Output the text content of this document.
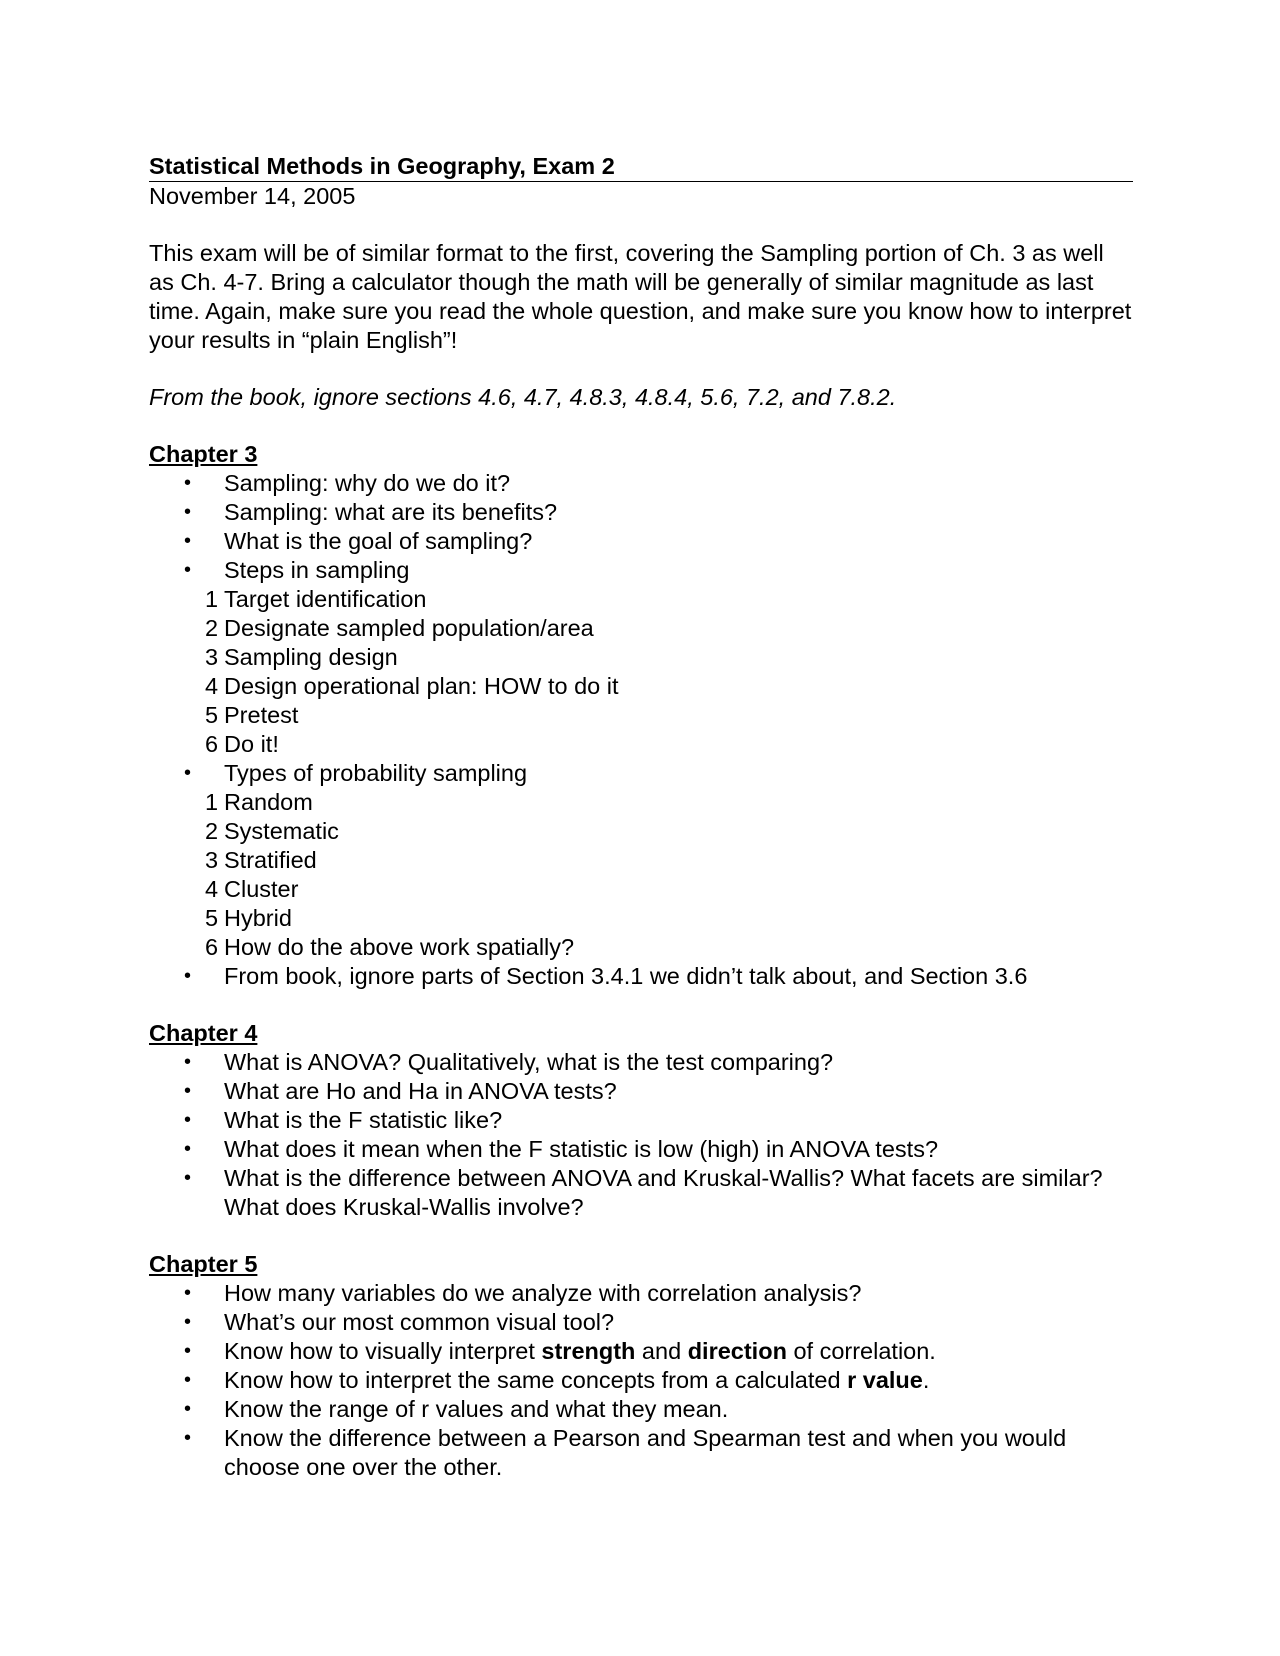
Statistical Methods in Geography, Exam 2

November 14, 2005

This exam will be of similar format to the first, covering the Sampling portion of Ch. 3 as well as Ch. 4-7. Bring a calculator though the math will be generally of similar magnitude as last time. Again, make sure you read the whole question, and make sure you know how to interpret your results in “plain English”!

From the book, ignore sections 4.6, 4.7, 4.8.3, 4.8.4, 5.6, 7.2, and 7.8.2.

Chapter 3
• Sampling: why do we do it?
• Sampling: what are its benefits?
• What is the goal of sampling?
• Steps in sampling
1 Target identification
2 Designate sampled population/area
3 Sampling design
4 Design operational plan: HOW to do it
5 Pretest
6 Do it!
• Types of probability sampling
1 Random
2 Systematic
3 Stratified
4 Cluster
5 Hybrid
6 How do the above work spatially?
• From book, ignore parts of Section 3.4.1 we didn’t talk about, and Section 3.6
Chapter 4
• What is ANOVA? Qualitatively, what is the test comparing?
• What are Ho and Ha in ANOVA tests?
• What is the F statistic like?
• What does it mean when the F statistic is low (high) in ANOVA tests?
• What is the difference between ANOVA and Kruskal-Wallis? What facets are similar? What does Kruskal-Wallis involve?
Chapter 5
• How many variables do we analyze with correlation analysis?
• What’s our most common visual tool?
• Know how to visually interpret strength and direction of correlation.
• Know how to interpret the same concepts from a calculated r value.
• Know the range of r values and what they mean.
• Know the difference between a Pearson and Spearman test and when you would choose one over the other.
